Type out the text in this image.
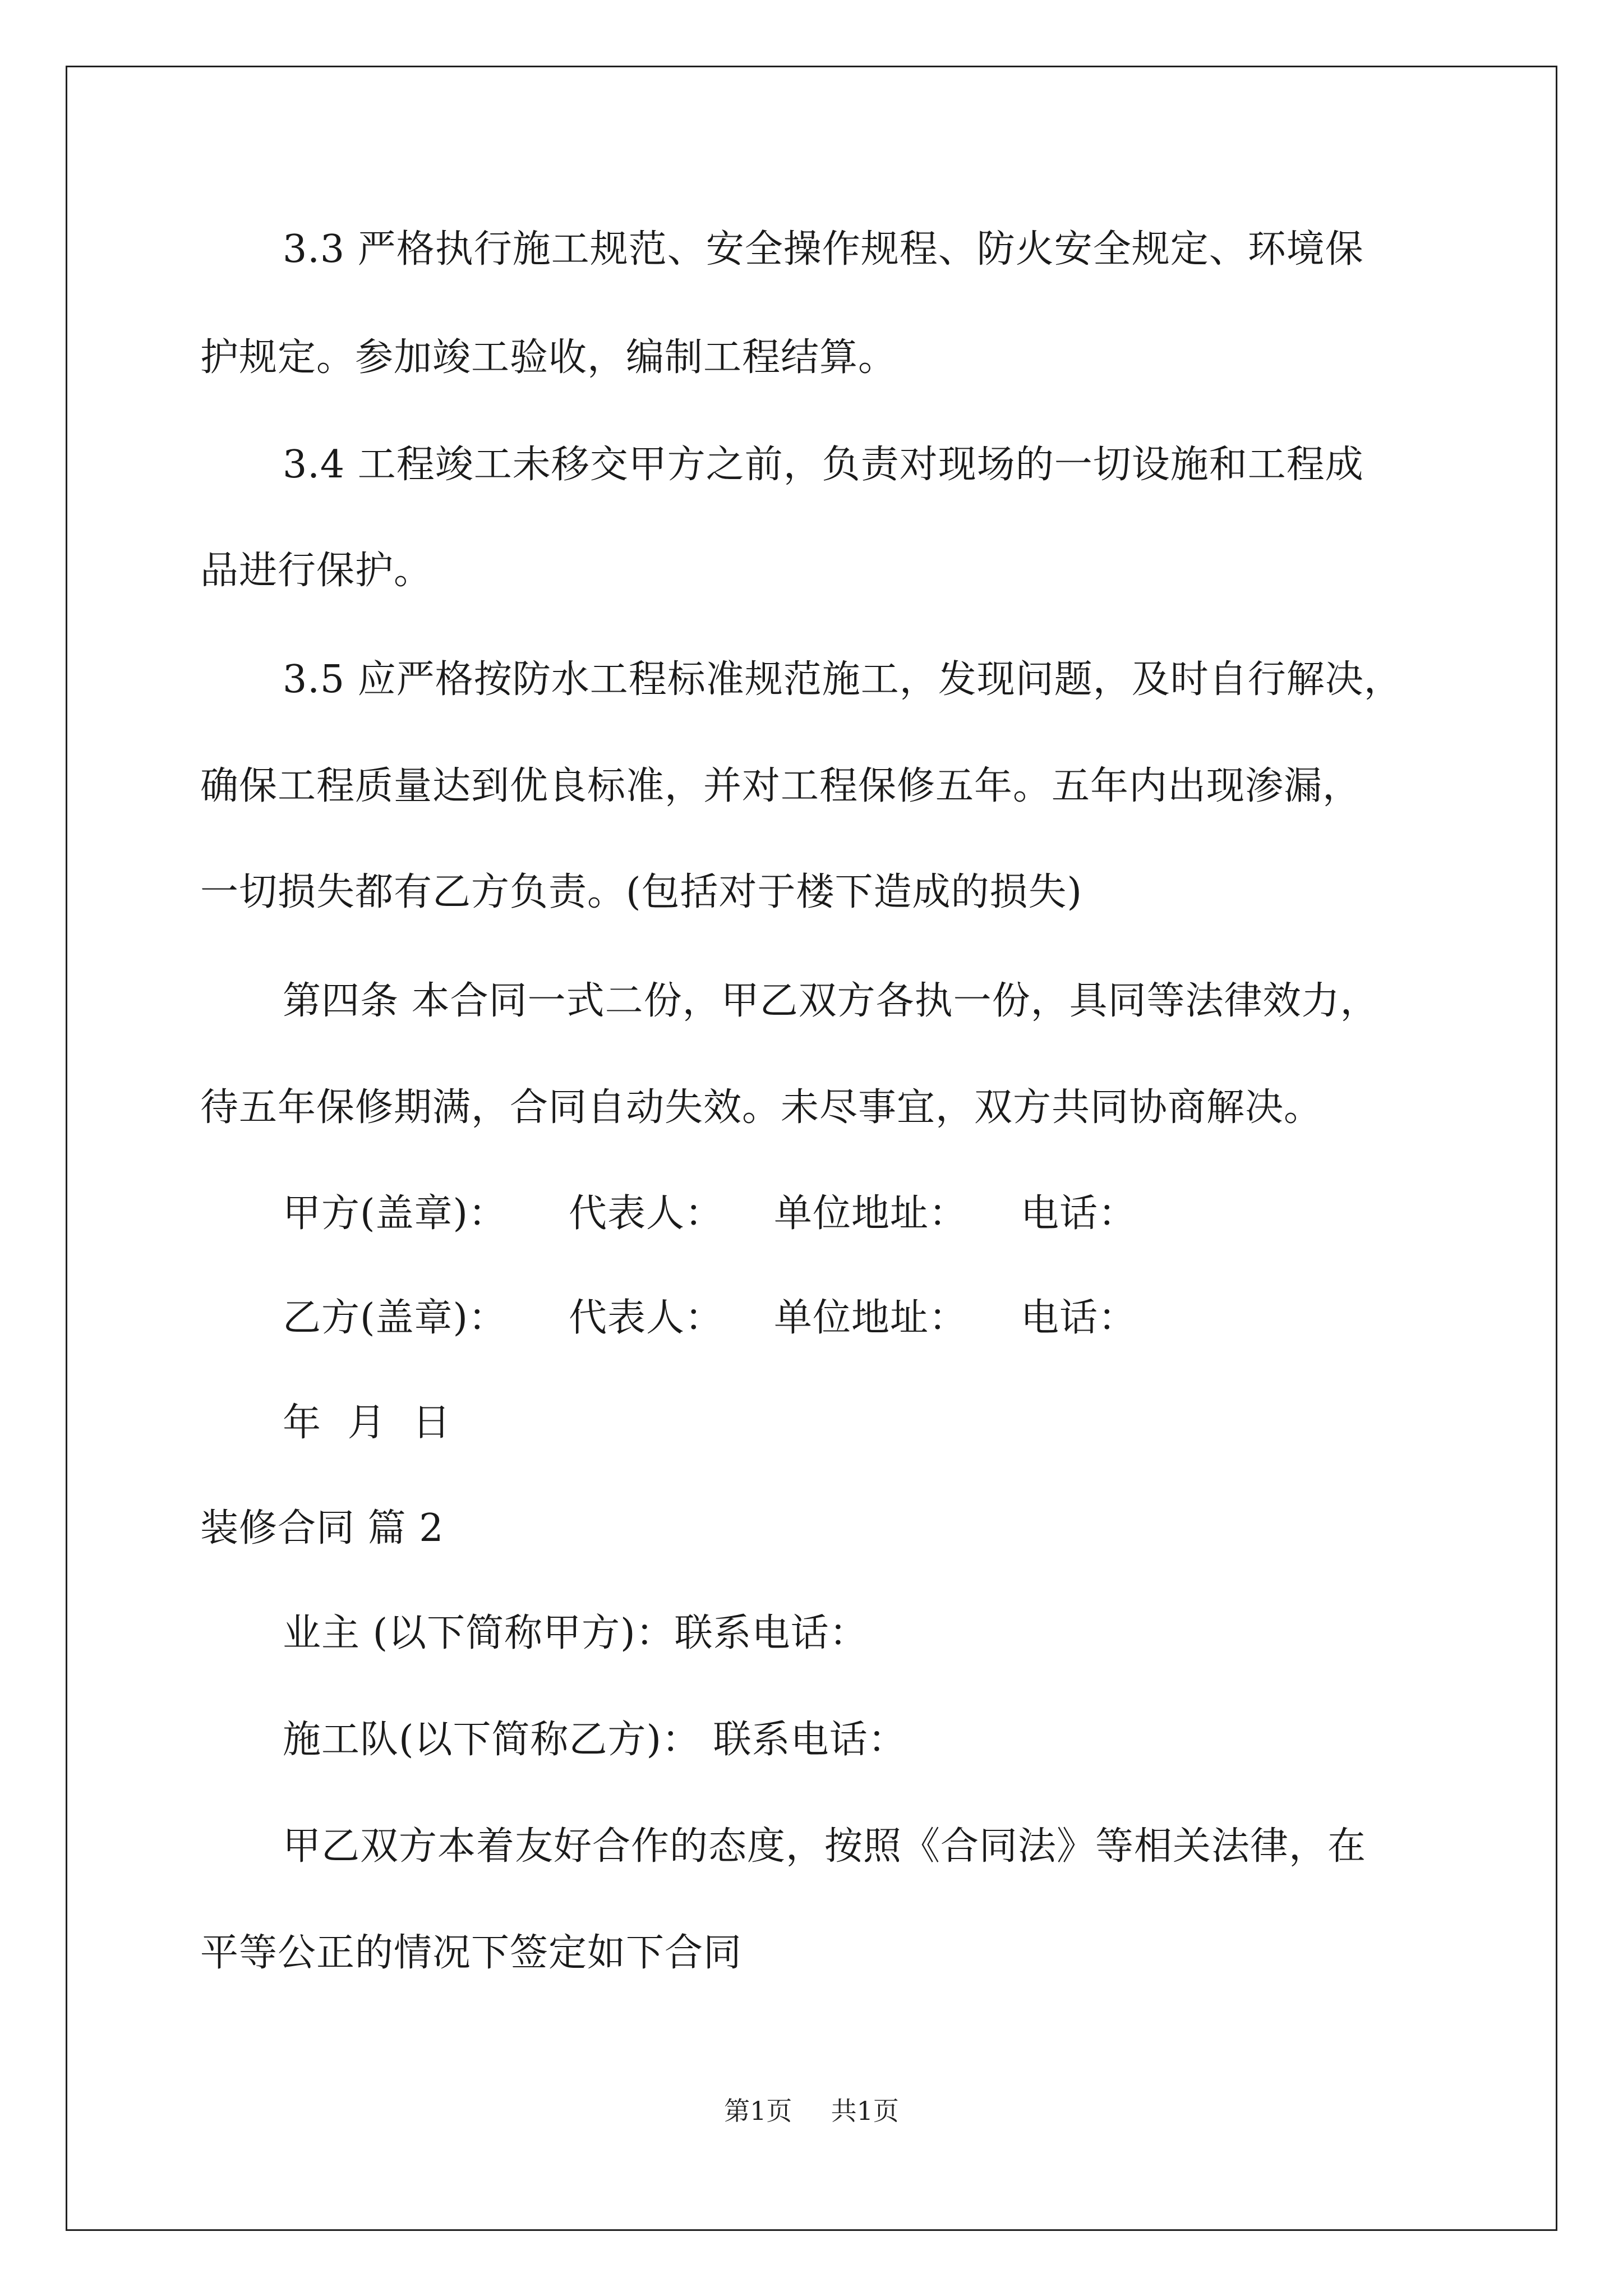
3.3 严格执行施工规范、安全操作规程、防火安全规定、环境保

护规定。参加竣工验收，编制工程结算。

3.4 工程竣工未移交甲方之前，负责对现场的一切设施和工程成

品进行保护。

3.5 应严格按防水工程标准规范施工，发现问题，及时自行解决，

确保工程质量达到优良标准，并对工程保修五年。五年内出现渗漏，

一切损失都有乙方负责。(包括对于楼下造成的损失)

第四条 本合同一式二份，甲乙双方各执一份，具同等法律效力，

待五年保修期满，合同自动失效。未尽事宜，双方共同协商解决。

甲方(盖章)： 代表人： 单位地址： 电话：
乙方(盖章)： 代表人： 单位地址： 电话：

年 月 日

装修合同 篇 2

业主 (以下简称甲方)：联系电话：

施工队(以下简称乙方)： 联系电话：

甲乙双方本着友好合作的态度，按照《合同法》等相关法律，在

平等公正的情况下签定如下合同

第1页 共1页
